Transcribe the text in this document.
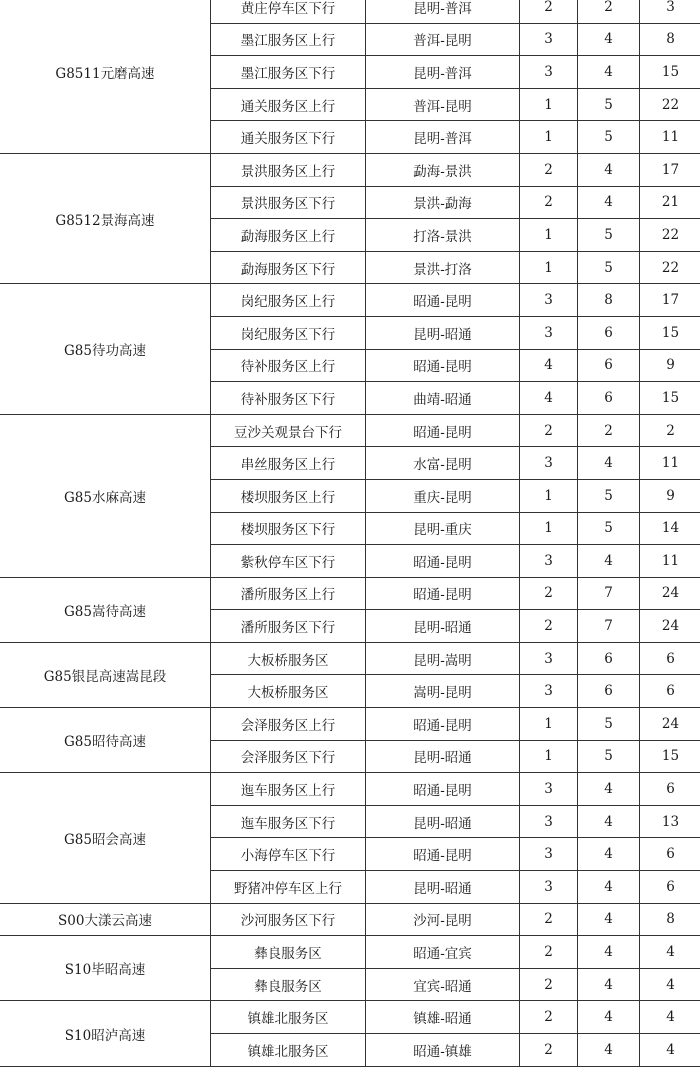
G8511元磨高速	黄庄停车区下行	昆明-普洱	2	2	3
	墨江服务区上行	普洱-昆明	3	4	8
	墨江服务区下行	昆明-普洱	3	4	15
	通关服务区上行	普洱-昆明	1	5	22
	通关服务区下行	昆明-普洱	1	5	11
G8512景海高速	景洪服务区上行	勐海-景洪	2	4	17
	景洪服务区下行	景洪-勐海	2	4	21
	勐海服务区上行	打洛-景洪	1	5	22
	勐海服务区下行	景洪-打洛	1	5	22
G85待功高速	岗纪服务区上行	昭通-昆明	3	8	17
	岗纪服务区下行	昆明-昭通	3	6	15
	待补服务区上行	昭通-昆明	4	6	9
	待补服务区下行	曲靖-昭通	4	6	15
G85水麻高速	豆沙关观景台下行	昭通-昆明	2	2	2
	串丝服务区上行	水富-昆明	3	4	11
	楼坝服务区上行	重庆-昆明	1	5	9
	楼坝服务区下行	昆明-重庆	1	5	14
	紫秋停车区下行	昭通-昆明	3	4	11
G85嵩待高速	潘所服务区上行	昭通-昆明	2	7	24
	潘所服务区下行	昆明-昭通	2	7	24
G85银昆高速嵩昆段	大板桥服务区	昆明-嵩明	3	6	6
	大板桥服务区	嵩明-昆明	3	6	6
G85昭待高速	会泽服务区上行	昭通-昆明	1	5	24
	会泽服务区下行	昆明-昭通	1	5	15
G85昭会高速	迤车服务区上行	昭通-昆明	3	4	6
	迤车服务区下行	昆明-昭通	3	4	13
	小海停车区下行	昭通-昆明	3	4	6
	野猪冲停车区上行	昆明-昭通	3	4	6
S00大漾云高速	沙河服务区下行	沙河-昆明	2	4	8
S10毕昭高速	彝良服务区	昭通-宜宾	2	4	4
	彝良服务区	宜宾-昭通	2	4	4
S10昭泸高速	镇雄北服务区	镇雄-昭通	2	4	4
	镇雄北服务区	昭通-镇雄	2	4	4
